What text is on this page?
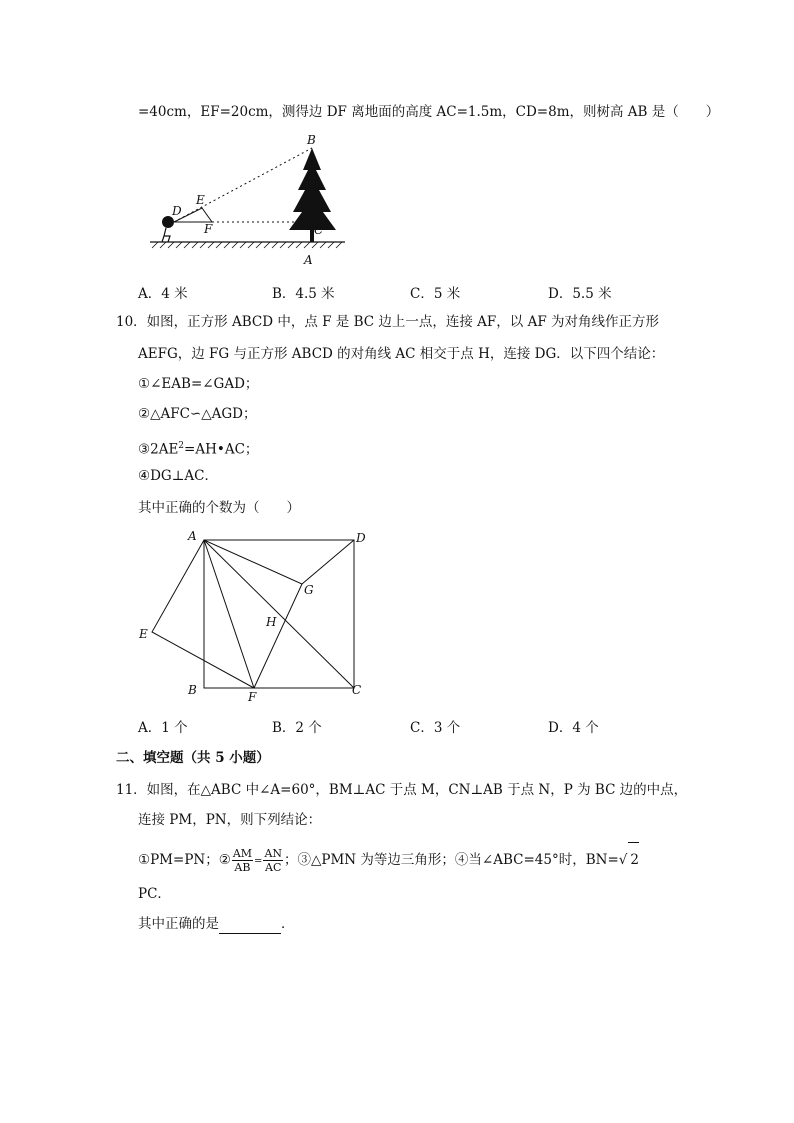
=40cm，EF=20cm，测得边 DF 离地面的高度 AC=1.5m，CD=8m，则树高 AB 是（　　）
B
E
D
F	C
A
A．4 米	B．4.5 米	C．5 米	D．5.5 米
10．如图，正方形 ABCD 中，点 F 是 BC 边上一点，连接 AF，以 AF 为对角线作正方形
AEFG，边 FG 与正方形 ABCD 的对角线 AC 相交于点 H，连接 DG．以下四个结论：
①∠EAB=∠GAD；
②△AFC∽△AGD；
$③2AE^2=AH•AC$；
④DG⊥AC．
其中正确的个数为（　　）
A	D
G
H
E
B	F	C
A．1 个	B．2 个	C．3 个	D．4 个
二、填空题（共 5 小题）
11．如图，在△ABC 中∠A=60°，BM⊥AC 于点 M，CN⊥AB 于点 N，P 为 BC 边的中点，
连接 PM，PN，则下列结论：
①PM=PN；② $\frac{AM}{AB} = \frac{AN}{AC}$ ；③△PMN 为等边三角形；④当∠ABC=45°时，BN=√ 2
PC．
其中正确的是	．
